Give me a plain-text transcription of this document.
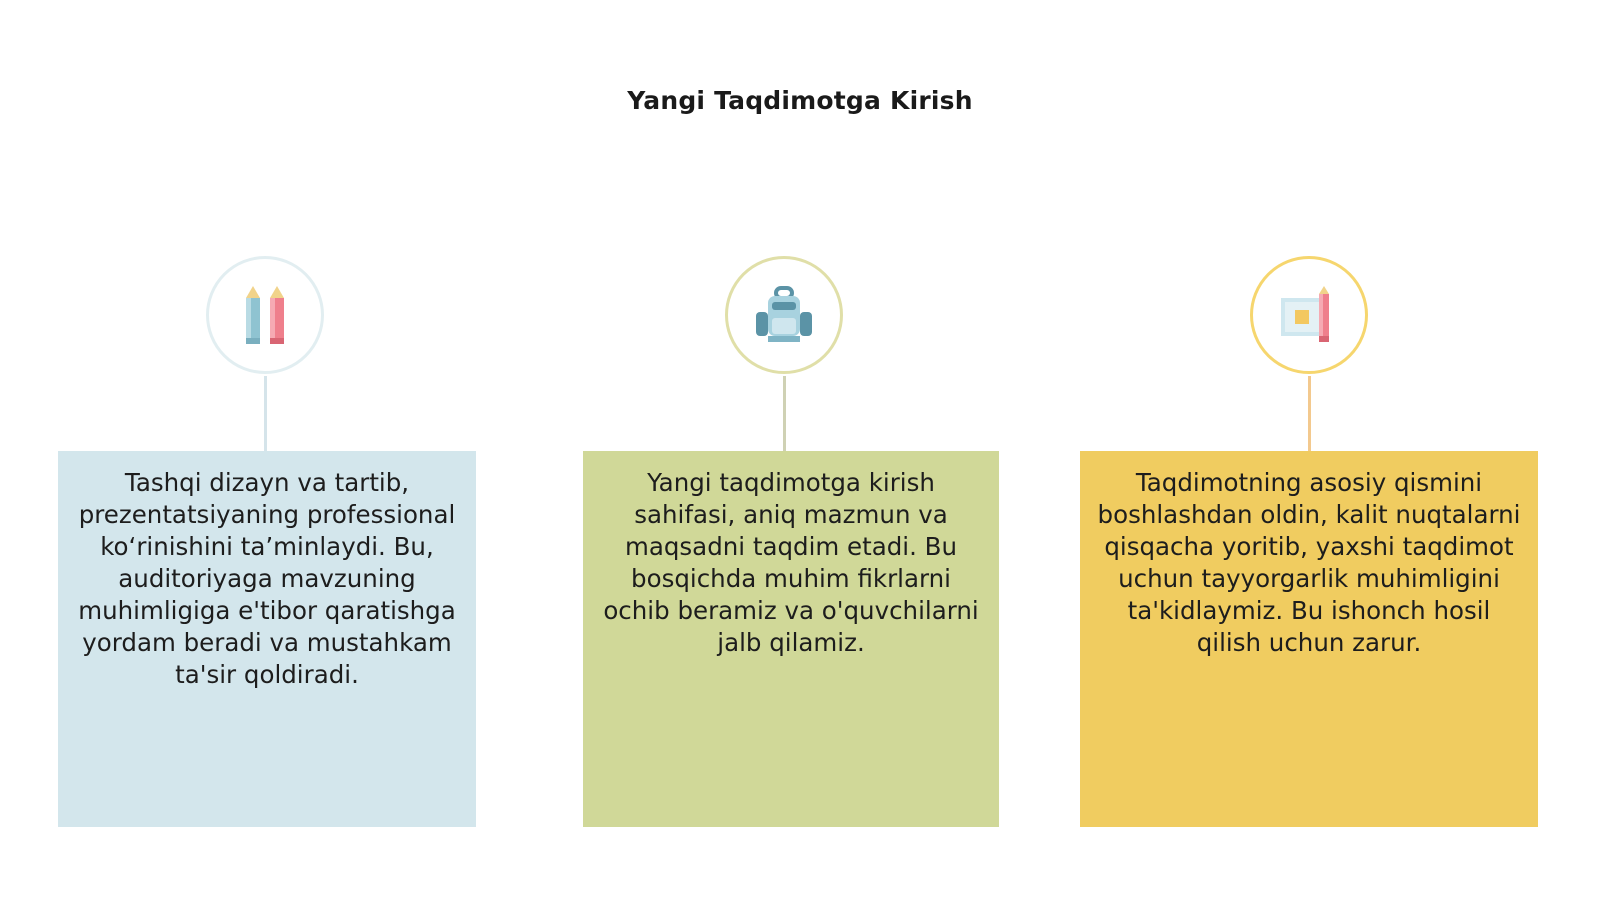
Yangi Taqdimotga Kirish
Tashqi dizayn va tartib, prezentatsiyaning professional ko‘rinishini ta’minlaydi. Bu, auditoriyaga mavzuning muhimligiga e'tibor qaratishga yordam beradi va mustahkam ta'sir qoldiradi.
Yangi taqdimotga kirish sahifasi, aniq mazmun va maqsadni taqdim etadi. Bu bosqichda muhim fikrlarni ochib beramiz va o'quvchilarni jalb qilamiz.
Taqdimotning asosiy qismini boshlashdan oldin, kalit nuqtalarni qisqacha yoritib, yaxshi taqdimot uchun tayyorgarlik muhimligini ta'kidlaymiz. Bu ishonch hosil qilish uchun zarur.
